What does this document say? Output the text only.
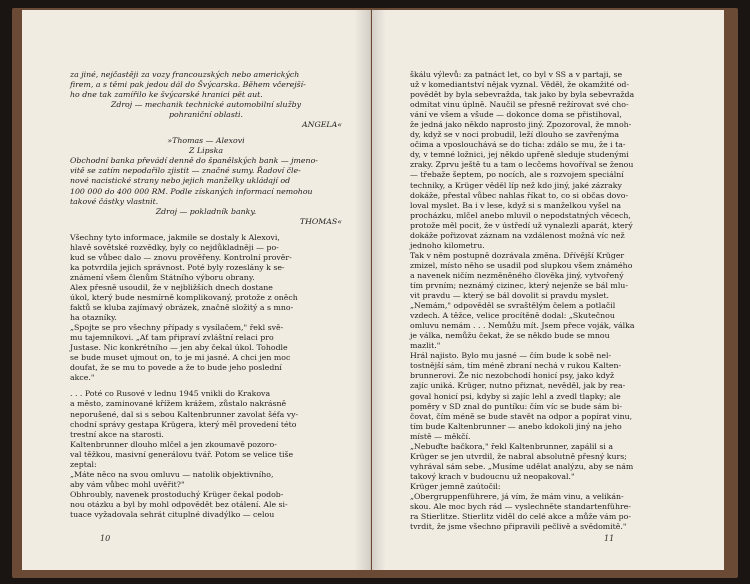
za jiné, nejčastěji za vozy francouzských nebo amerických
firem, a s těmi pak jedou dál do Švýcarska. Během včerejší-
ho dne tak zamířilo ke švýcarské hranici pět aut.
Zdroj — mechanik technické automobilní služby
pohraniční oblasti.
ANGELA«
»Thomas — Alexovi
Z Lipska
Obchodní banka převádí denně do španělských bank — jmeno-
vitě se zatím nepodařilo zjistit — značné sumy. Řadoví čle-
nové nacistické strany nebo jejich manželky ukládají od
100 000 do 400 000 RM. Podle získaných informací nemohou
takové částky vlastnit.
Zdroj — pokladník banky.
THOMAS«
Všechny tyto informace, jakmile se dostaly k Alexovi,
hlavě sovětské rozvědky, byly co nejdůkladněji — po-
kud se vůbec dalo — znovu prověřeny. Kontrolní prověr-
ka potvrdila jejich správnost. Poté byly rozeslány k se-
známení všem členům Státního výboru obrany.
Alex přesně usoudil, že v nejbližších dnech dostane
úkol, který bude nesmírně komplikovaný, protože z oněch
faktů se kluba zajímavý obrázek, značně složitý a s mno-
ha otazníky.
„Spojte se pro všechny případy s vysílačem," řekl svě-
mu tajemníkovi. „Ať tam připraví zvláštní relaci pro
Justase. Nic konkrétního — jen aby čekal úkol. Tohodle
se bude muset ujmout on, to je mi jasné. A chci jen moc
doufat, že se mu to povede a že to bude jeho poslední
akce."
. . . Poté co Rusové v lednu 1945 vnikli do Krakova
a město, zaminované křížem krážem, zůstalo nakrásně
neporušené, dal si s sebou Kaltenbrunner zavolat šéfa vy-
chodní správy gestapa Krügera, který měl provedení této
trestní akce na starosti.
Kaltenbrunner dlouho mlčel a jen zkoumavě pozoro-
val těžkou, masivní generálovu tvář. Potom se velice tiše
zeptal:
„Máte něco na svou omluvu — natolik objektivního,
aby vám vůbec mohl uvěřit?"
Obhroubly, navenek prostoduchý Krüger čekal podob-
nou otázku a byl by mohl odpovědět bez otálení. Ale si-
tuace vyžadovala sehrát cituplné divadýlko — celou
10
škálu výlevů: za patnáct let, co byl v SS a v partaji, se
už v komediantství nějak vyznal. Věděl, že okamžité od-
povědět by byla sebevražda, tak jako by byla sebevražda
odmítat vinu úplně. Naučil se přesně režírovat své cho-
vání ve všem a všude — dokonce doma se přistihoval,
že jedná jako někdo naprosto jiný. Zpozoroval, že mnoh-
dy, když se v noci probudil, leží dlouho se zavřenýma
očima a vposlouchává se do ticha: zdálo se mu, že i ta-
dy, v temné ložnici, jej někdo upřeně sleduje studenými
zraky. Zprvu ještě tu a tam o lecčems hovoříval se ženou
— třebaže šeptem, po nocích, ale s rozvojem speciální
techniky, a Krüger věděl líp než kdo jiný, jaké zázraky
dokáže, přestal vůbec nahlas říkat to, co si občas dovo-
loval myslet. Ba i v lese, když si s manželkou vyšel na
procházku, mlčel anebo mluvil o nepodstatných věcech,
protože měl pocit, že v ústředí už vynalezli aparát, který
dokáže pořizovat záznam na vzdálenost možná víc než
jednoho kilometru.
Tak v něm postupně dozrávala změna. Dřívější Krüger
zmizel, místo něho se usadil pod slupkou všem známého
a navenek ničím nezměněného člověka jiný, vytvořený
tím prvním; neznámý cizinec, který nejenže se bál mlu-
vit pravdu — který se bál dovolit si pravdu myslet.
„Nemám," odpověděl se svraštělým čelem a potlačil
vzdech. A těžce, velice procítěně dodal: „Skutečnou
omluvu nemám . . . Nemůžu mít. Jsem přece voják, válka
je válka, nemůžu čekat, že se někdo bude se mnou
mazlit."
Hrál najisto. Bylo mu jasné — čím bude k sobě nel-
tostnější sám, tím méně zbraní nechá v rukou Kalten-
brunnerovi. Že nic nezobchodí honicí psy, jako když
zajíc uniká. Krüger, nutno přiznat, nevěděl, jak by rea-
goval honicí psi, kdyby si zajíc lehl a zvedl tlapky; ale
poměry v SD znal do puntíku: čím víc se bude sám bi-
čovat, čím méně se bude stavět na odpor a popírat vinu,
tím bude Kaltenbrunner — anebo kdokoli jiný na jeho
místě — měkčí.
„Nebuďte bačkora," řekl Kaltenbrunner, zapálil si a
Krüger se jen utvrdil, že nabral absolutně přesný kurs;
vyhrával sám sebe. „Musíme udělat analýzu, aby se nám
takový krach v budoucnu už neopakoval."
Krüger jemně zaútočil:
„Obergruppenführere, já vím, že mám vinu, a velikán-
skou. Ale moc bych rád — vyslechněte standartenführe-
ra Stierlitze. Stierlitz viděl do celé akce a může vám po-
tvrdit, že jsme všechno připravili pečlivě a svědomitě."
11
